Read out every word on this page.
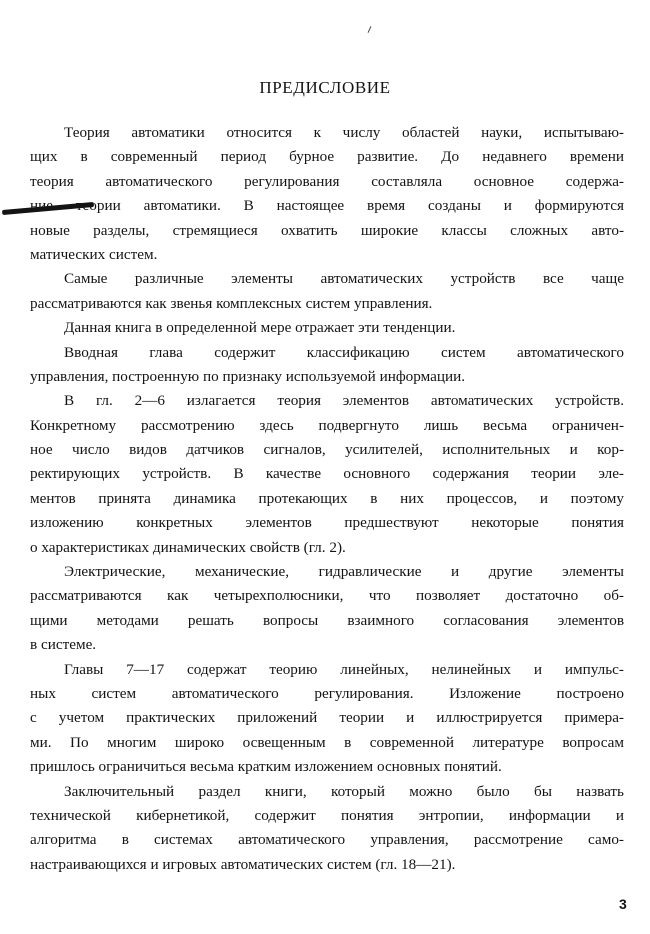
ПРЕДИСЛОВИЕ
Теория автоматики относится к числу областей науки, испытываю-
щих в современный период бурное развитие. До недавнего времени
теория автоматического регулирования составляла основное содержа-
ние теории автоматики. В настоящее время созданы и формируются
новые разделы, стремящиеся охватить широкие классы сложных авто-
матических систем.
Самые различные элементы автоматических устройств все чаще
рассматриваются как звенья комплексных систем управления.
Данная книга в определенной мере отражает эти тенденции.
Вводная глава содержит классификацию систем автоматического
управления, построенную по признаку используемой информации.
В гл. 2—6 излагается теория элементов автоматических устройств.
Конкретному рассмотрению здесь подвергнуто лишь весьма ограничен-
ное число видов датчиков сигналов, усилителей, исполнительных и кор-
ректирующих устройств. В качестве основного содержания теории эле-
ментов принята динамика протекающих в них процессов, и поэтому
изложению конкретных элементов предшествуют некоторые понятия
о характеристиках динамических свойств (гл. 2).
Электрические, механические, гидравлические и другие элементы
рассматриваются как четырехполюсники, что позволяет достаточно об-
щими методами решать вопросы взаимного согласования элементов
в системе.
Главы 7—17 содержат теорию линейных, нелинейных и импульс-
ных систем автоматического регулирования. Изложение построено
с учетом практических приложений теории и иллюстрируется примера-
ми. По многим широко освещенным в современной литературе вопросам
пришлось ограничиться весьма кратким изложением основных понятий.
Заключительный раздел книги, который можно было бы назвать
технической кибернетикой, содержит понятия энтропии, информации и
алгоритма в системах автоматического управления, рассмотрение само-
настраивающихся и игровых автоматических систем (гл. 18—21).
3
